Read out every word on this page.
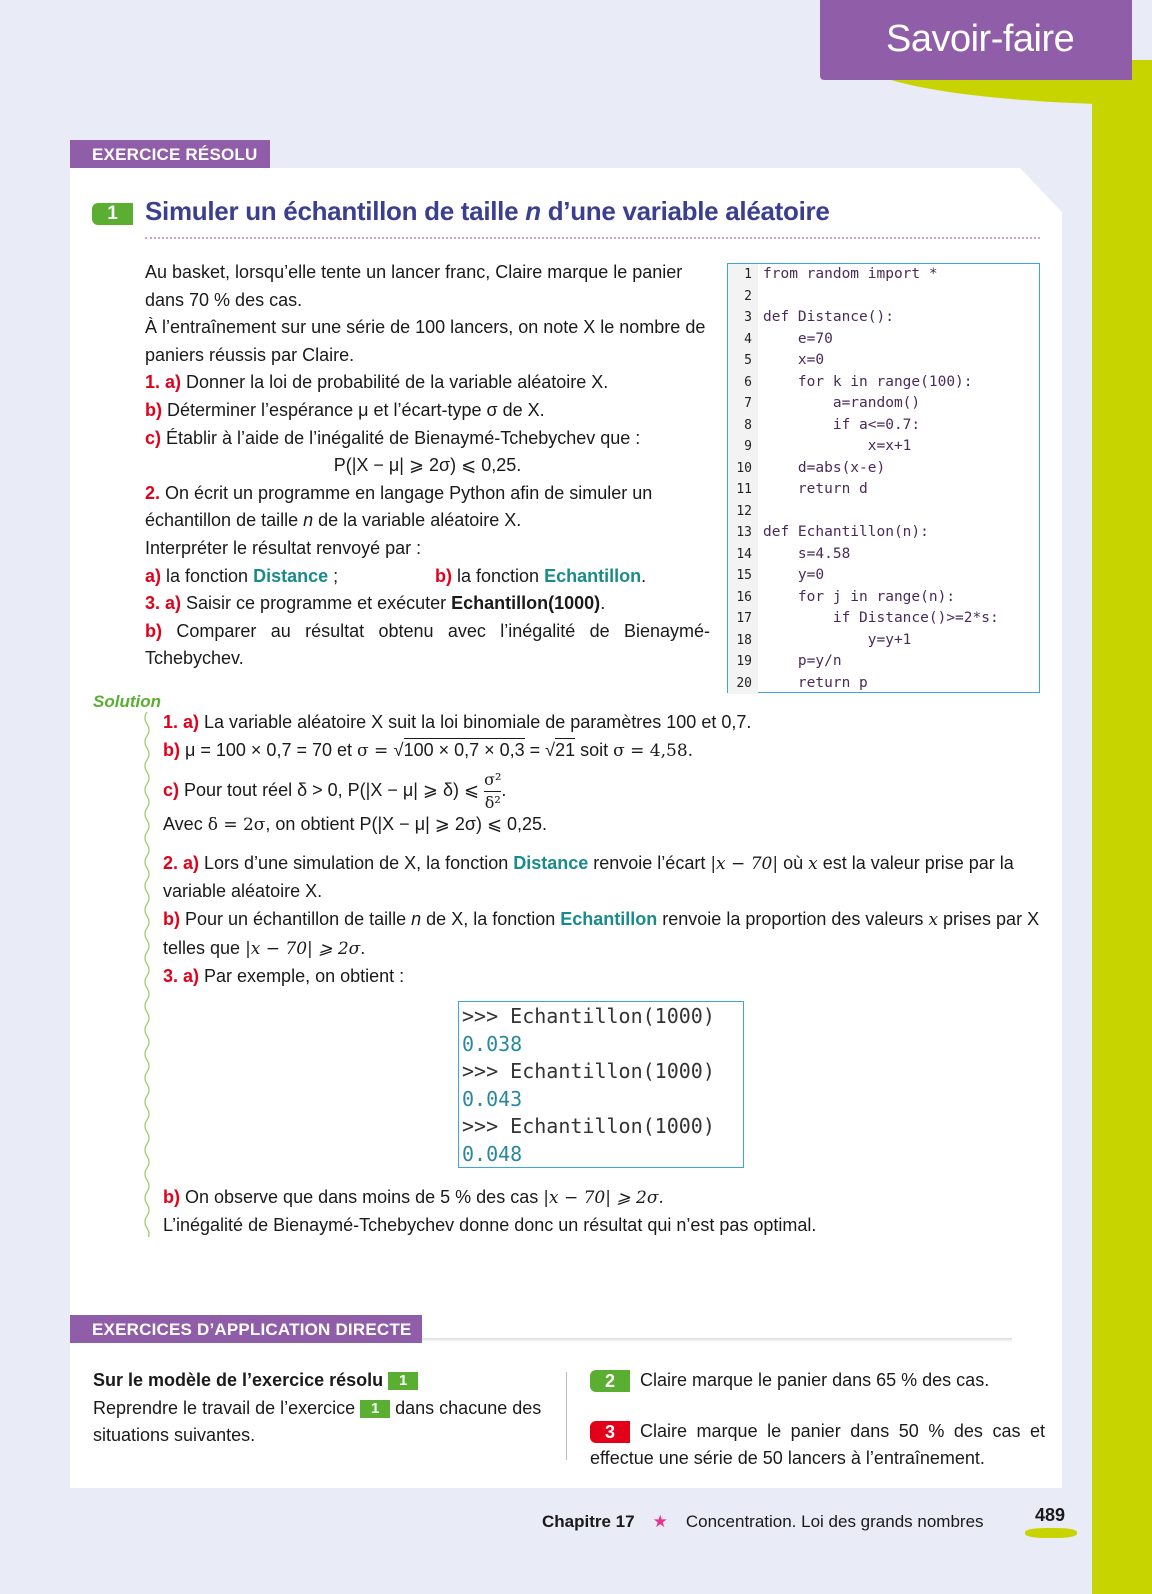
Savoir-faire
EXERCICE RÉSOLU
1	Simuler un échantillon de taille n d’une variable aléatoire
Au basket, lorsqu’elle tente un lancer franc, Claire marque le panier dans 70 % des cas.
À l’entraînement sur une série de 100 lancers, on note X le nombre de paniers réussis par Claire.
1. a) Donner la loi de probabilité de la variable aléatoire X.
b) Déterminer l’espérance μ et l’écart-type σ de X.
c) Établir à l’aide de l’inégalité de Bienaymé-Tchebychev que :
P(|X − μ| ⩾ 2σ) ⩽ 0,25.
2. On écrit un programme en langage Python afin de simuler un échantillon de taille n de la variable aléatoire X.
Interpréter le résultat renvoyé par :
a) la fonction Distance ;	b) la fonction Echantillon.
3. a) Saisir ce programme et exécuter Echantillon(1000).
b) Comparer au résultat obtenu avec l’inégalité de Bienaymé-Tchebychev.
1 from random import *
2
3 def Distance():
4 e=70
5 x=0
6 for k in range(100):
7 a=random()
8 if a<=0.7:
9 x=x+1
10 d=abs(x-e)
11 return d
12
13 def Echantillon(n):
14 s=4.58
15 y=0
16 for j in range(n):
17 if Distance()>=2*s:
18 y=y+1
19 p=y/n
20 return p
Solution
1. a) La variable aléatoire X suit la loi binomiale de paramètres 100 et 0,7.
b) μ = 100 × 0,7 = 70 et σ = √100 × 0,7 × 0,3 = √21 soit σ = 4,58.
c) Pour tout réel δ > 0, P(|X − μ| ⩾ δ) ⩽ $\frac{\text{σ²}}{\text{δ²}}$ .
Avec δ = 2σ, on obtient P(|X − μ| ⩾ 2σ) ⩽ 0,25.
2. a) Lors d’une simulation de X, la fonction Distance renvoie l’écart |x − 70| où x est la valeur prise par la variable aléatoire X.
b) Pour un échantillon de taille n de X, la fonction Echantillon renvoie la proportion des valeurs x prises par X telles que |x − 70| ⩾ 2σ.
3. a) Par exemple, on obtient :
b) On observe que dans moins de 5 % des cas |x − 70| ⩾ 2σ.
L’inégalité de Bienaymé-Tchebychev donne donc un résultat qui n’est pas optimal.
>>> Echantillon(1000)
0.038
>>> Echantillon(1000)
0.043
>>> Echantillon(1000)
0.048
EXERCICES D’APPLICATION DIRECTE
Sur le modèle de l’exercice résolu 1
Reprendre le travail de l’exercice 1 dans chacune des situations suivantes.
2 Claire marque le panier dans 65 % des cas.
3 Claire marque le panier dans 50 % des cas et effectue une série de 50 lancers à l’entraînement.
Chapitre 17 ★ Concentration. Loi des grands nombres	489
